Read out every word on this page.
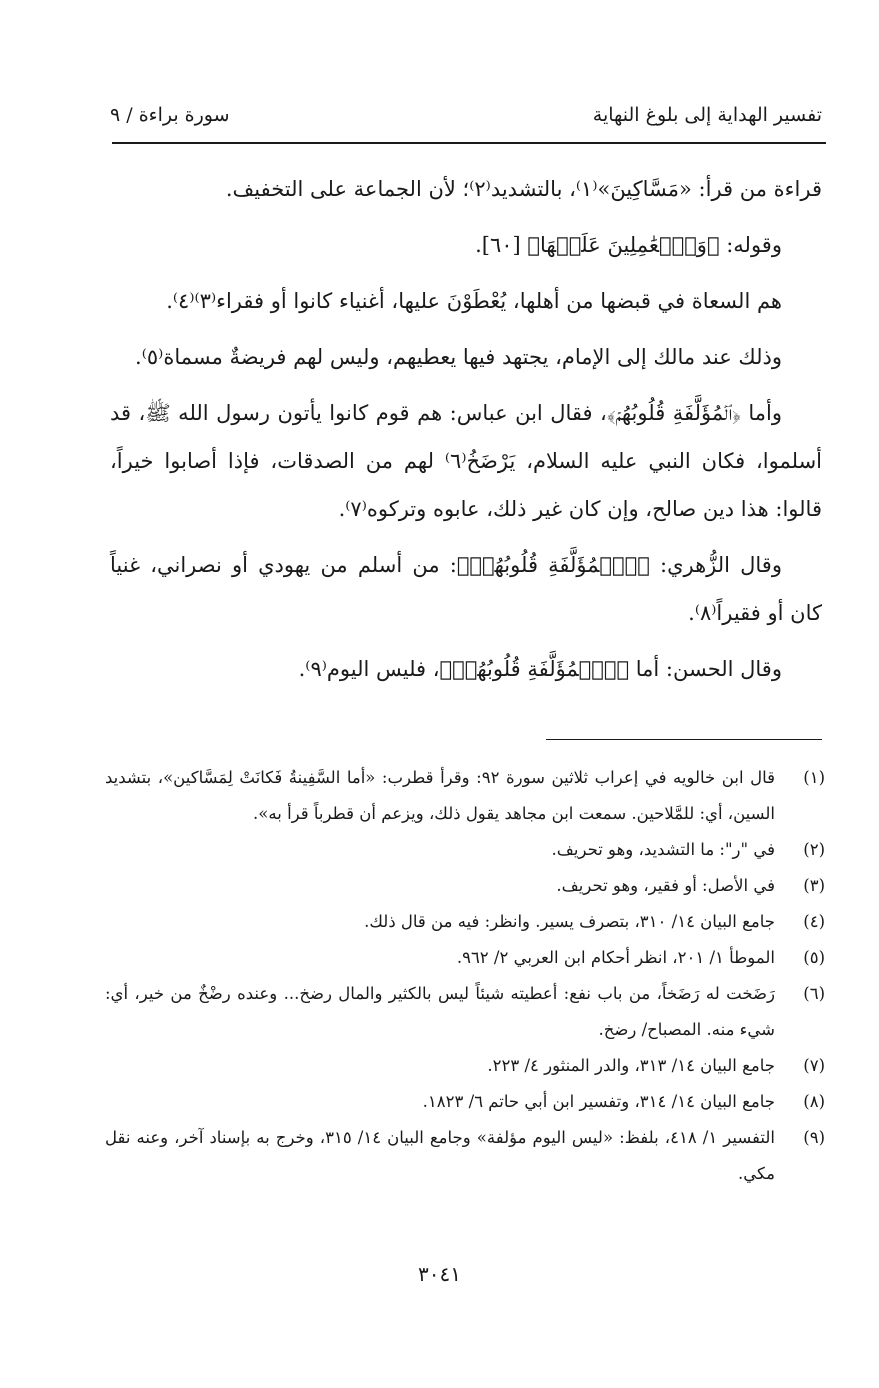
تفسير الهداية إلى بلوغ النهاية
سورة براءة / ٩

قراءة من قرأ: «مَسَّاكِينَ»⁽١⁾، بالتشديد⁽٢⁾؛ لأن الجماعة على التخفيف.

وقوله: ﴿وَٱلۡعَٰمِلِينَ عَلَيۡهَا﴾ [٦٠].

هم السعاة في قبضها من أهلها، يُعْطَوْنَ عليها، أغنياء كانوا أو فقراء⁽٣⁾⁽٤⁾.

وذلك عند مالك إلى الإمام، يجتهد فيها يعطيهم، وليس لهم فريضةٌ مسماة⁽٥⁾.

وأما ﴿ٱلۡمُؤَلَّفَةِ قُلُوبُهُمۡ﴾، فقال ابن عباس: هم قوم كانوا يأتون رسول الله ﷺ، قد أسلموا، فكان النبي عليه السلام، يَرْضَخُ⁽٦⁾ لهم من الصدقات، فإذا أصابوا خيراً، قالوا: هذا دين صالح، وإن كان غير ذلك، عابوه وتركوه⁽٧⁾.

وقال الزُّهري: ﴿ٱلۡمُؤَلَّفَةِ قُلُوبُهُمۡ﴾: من أسلم من يهودي أو نصراني، غنياً كان أو فقيراً⁽٨⁾.

وقال الحسن: أما ﴿ٱلۡمُؤَلَّفَةِ قُلُوبُهُمۡ﴾، فليس اليوم⁽٩⁾.

(١)
قال ابن خالويه في إعراب ثلاثين سورة ٩٢: وقرأ قطرب: «أما السَّفِينةُ فَكانَتْ لِمَسَّاكين»، بتشديد السين، أي: للمَّلاحين. سمعت ابن مجاهد يقول ذلك، ويزعم أن قطرباً قرأ به».
(٢)
في "ر": ما التشديد، وهو تحريف.
(٣)
في الأصل: أو فقير، وهو تحريف.
(٤)
جامع البيان ١٤/ ٣١٠، بتصرف يسير. وانظر: فيه من قال ذلك.
(٥)
الموطأ ١/ ٢٠١، انظر أحكام ابن العربي ٢/ ٩٦٢.
(٦)
رَضَخت له رَضَخاً، من باب نفع: أعطيته شيئاً ليس بالكثير والمال رضخ... وعنده رضْخٌ من خير، أي: شيء منه. المصباح/ رضخ.
(٧)
جامع البيان ١٤/ ٣١٣، والدر المنثور ٤/ ٢٢٣.
(٨)
جامع البيان ١٤/ ٣١٤، وتفسير ابن أبي حاتم ٦/ ١٨٢٣.
(٩)
التفسير ١/ ٤١٨، بلفظ: «ليس اليوم مؤلفة» وجامع البيان ١٤/ ٣١٥، وخرج به بإسناد آخر، وعنه نقل مكي.
٣٠٤١
